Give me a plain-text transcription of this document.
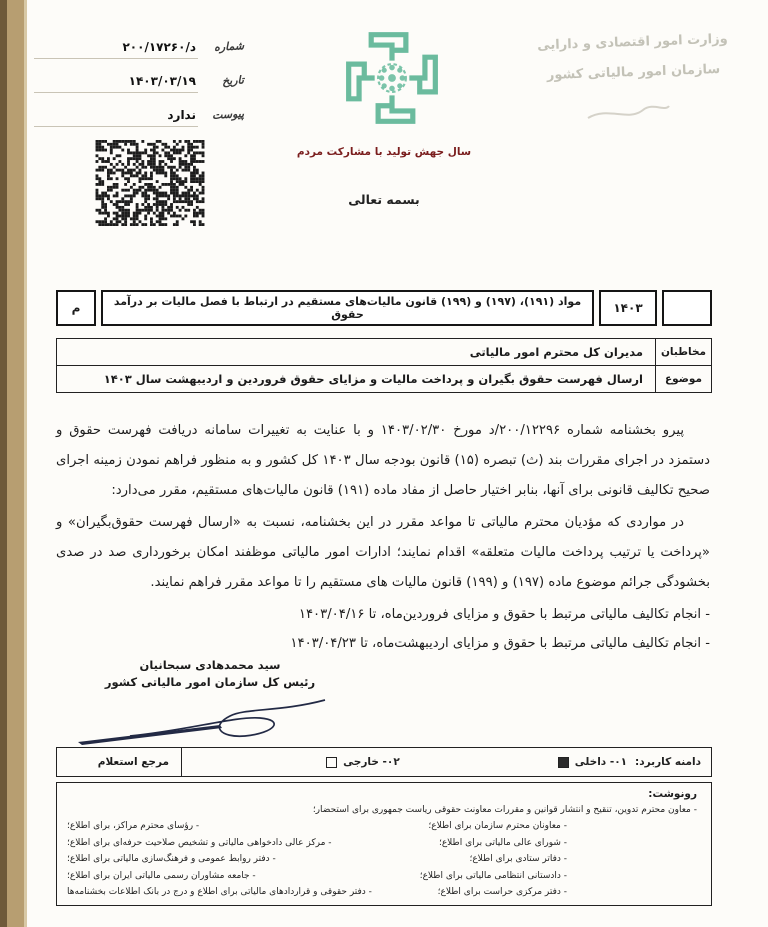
وزارت امور اقتصادی و دارایی
سازمان امور مالیاتی کشور
سال جهش تولید با مشارکت مردم
بسمه تعالی
شماره
۲۰۰/۱۷۲۶۰/د
تاریخ
۱۴۰۳/۰۳/۱۹
پیوست
ندارد
۱۴۰۳
مواد (۱۹۱)، (۱۹۷) و (۱۹۹) قانون مالیات‌های مستقیم در ارتباط با فصل مالیات بر درآمد حقوق
م
مخاطبان
مدیران کل محترم امور مالیاتی
موضوع
ارسال فهرست حقوق بگیران و پرداخت مالیات و مزایای حقوق فروردین و اردیبهشت سال ۱۴۰۳

پیرو بخشنامه شماره ۲۰۰/۱۲۲۹۶/د مورخ ۱۴۰۳/۰۲/۳۰ و با عنایت به تغییرات سامانه دریافت فهرست حقوق و دستمزد در اجرای مقررات بند (ث) تبصره (۱۵) قانون بودجه سال ۱۴۰۳ کل کشور و به منظور فراهم نمودن زمینه اجرای صحیح تکالیف قانونی برای آنها، بنابر اختیار حاصل از مفاد ماده (۱۹۱) قانون مالیات‌های مستقیم، مقرر می‌دارد:

در مواردی که مؤدیان محترم مالیاتی تا مواعد مقرر در این بخشنامه، نسبت به «ارسال فهرست حقوق‌بگیران» و «پرداخت یا ترتیب پرداخت مالیات متعلقه» اقدام نمایند؛ ادارات امور مالیاتی موظفند امکان برخورداری صد در صدی بخشودگی جرائم موضوع ماده (۱۹۷) و (۱۹۹) قانون مالیات های مستقیم را تا مواعد مقرر فراهم نمایند.

- انجام تکالیف مالیاتی مرتبط با حقوق و مزایای فروردین‌ماه، تا ۱۴۰۳/۰۴/۱۶
- انجام تکالیف مالیاتی مرتبط با حقوق و مزایای اردیبهشت‌ماه، تا ۱۴۰۳/۰۴/۲۳
سید محمدهادی سبحانیان
رئیس کل سازمان امور مالیاتی کشور
دامنه کاربرد:
۰۱- داخلی
۰۲- خارجی
مرجع استعلام
رونوشت:
- معاون محترم تدوین، تنقیح و انتشار قوانین و مقررات معاونت حقوقی ریاست جمهوری برای استحضار؛
- معاونان محترم سازمان برای اطلاع؛
- شورای عالی مالیاتی برای اطلاع؛
- دفاتر ستادی برای اطلاع؛
- دادستانی انتظامی مالیاتی برای اطلاع؛
- دفتر مرکزی حراست برای اطلاع؛
- رؤسای محترم مراکز، برای اطلاع؛
- مرکز عالی دادخواهی مالیاتی و تشخیص صلاحیت حرفه‌ای برای اطلاع؛
- دفتر روابط عمومی و فرهنگ‌سازی مالیاتی برای اطلاع؛
- جامعه مشاوران رسمی مالیاتی ایران برای اطلاع؛
- دفتر حقوقی و قراردادهای مالیاتی برای اطلاع و درج در بانک اطلاعات بخشنامه‌ها
